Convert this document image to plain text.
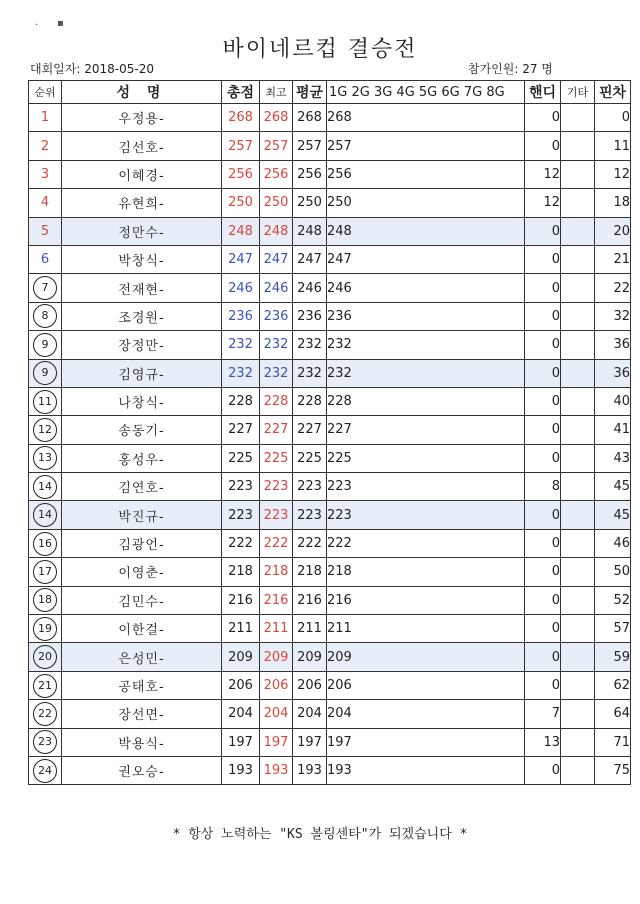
· ▪
바이네르컵 결승전
대회일자: 2018-05-20	참가인원: 27 명
순위	성 명	총점	최고	평균	1G 2G 3G 4G 5G 6G 7G 8G	핸디	기타	핀차
1	우정용-	268	268	268	268	0		0
2	김선호-	257	257	257	257	0		11
3	이혜경-	256	256	256	256	12		12
4	유현희-	250	250	250	250	12		18
5	정만수-	248	248	248	248	0		20
6	박창식-	247	247	247	247	0		21
7	전재현-	246	246	246	246	0		22
8	조경원-	236	236	236	236	0		32
9	장정만-	232	232	232	232	0		36
9	김영규-	232	232	232	232	0		36
11	나창식-	228	228	228	228	0		40
12	송동기-	227	227	227	227	0		41
13	홍성우-	225	225	225	225	0		43
14	김연호-	223	223	223	223	8		45
14	박진규-	223	223	223	223	0		45
16	김광언-	222	222	222	222	0		46
17	이영춘-	218	218	218	218	0		50
18	김민수-	216	216	216	216	0		52
19	이한걸-	211	211	211	211	0		57
20	은성민-	209	209	209	209	0		59
21	공태호-	206	206	206	206	0		62
22	장선면-	204	204	204	204	7		64
23	박용식-	197	197	197	197	13		71
24	권오승-	193	193	193	193	0		75
* 항상 노력하는 "KS 볼링센타"가 되겠습니다 *
